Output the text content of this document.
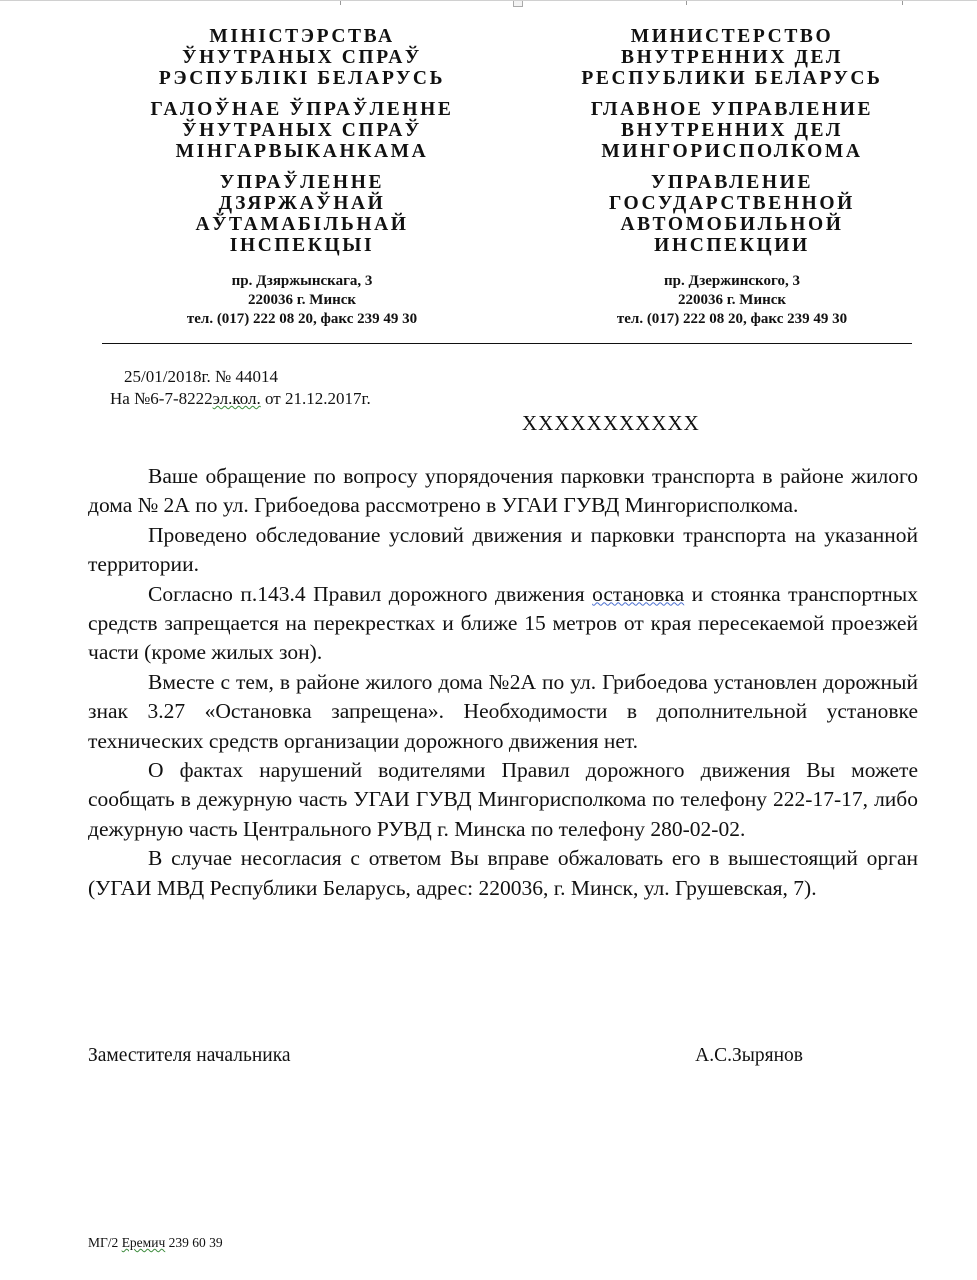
МІНІСТЭРСТВА
ЎНУТРАНЫХ СПРАЎ
РЭСПУБЛІКІ БЕЛАРУСЬ
ГАЛОЎНАЕ ЎПРАЎЛЕННЕ
ЎНУТРАНЫХ СПРАЎ
МІНГАРВЫКАНКАМА
УПРАЎЛЕННЕ
ДЗЯРЖАЎНАЙ
АЎТАМАБІЛЬНАЙ
ІНСПЕКЦЫІ
пр. Дзяржынскага, 3
220036 г. Минск
тел. (017) 222 08 20, факс 239 49 30
МИНИСТЕРСТВО
ВНУТРЕННИХ ДЕЛ
РЕСПУБЛИКИ БЕЛАРУСЬ
ГЛАВНОЕ УПРАВЛЕНИЕ
ВНУТРЕННИХ ДЕЛ
МИНГОРИСПОЛКОМА
УПРАВЛЕНИЕ
ГОСУДАРСТВЕННОЙ
АВТОМОБИЛЬНОЙ
ИНСПЕКЦИИ
пр. Дзержинского, 3
220036 г. Минск
тел. (017) 222 08 20, факс 239 49 30
25/01/2018г. № 44014
На №6-7-8222эл.кол. от 21.12.2017г.
ХХХХХХХХХХХ

Ваше обращение по вопросу упорядочения парковки транспорта в районе жилого дома № 2А по ул. Грибоедова рассмотрено в УГАИ ГУВД Мингорисполкома.

Проведено обследование условий движения и парковки транспорта на указанной территории.

Согласно п.143.4 Правил дорожного движения остановка и стоянка транспортных средств запрещается на перекрестках и ближе 15 метров от края пересекаемой проезжей части (кроме жилых зон).

Вместе с тем, в районе жилого дома №2А по ул. Грибоедова установлен дорожный знак 3.27 «Остановка запрещена». Необходимости в дополнительной установке технических средств организации дорожного движения нет.

О фактах нарушений водителями Правил дорожного движения Вы можете сообщать в дежурную часть УГАИ ГУВД Мингорисполкома по телефону 222-17-17, либо дежурную часть Центрального РУВД г. Минска по телефону 280-02-02.

В случае несогласия с ответом Вы вправе обжаловать его в вышестоящий орган (УГАИ МВД Республики Беларусь, адрес: 220036, г. Минск, ул. Грушевская, 7).

Заместителя начальника	А.С.Зырянов
МГ/2 Еремич 239 60 39
